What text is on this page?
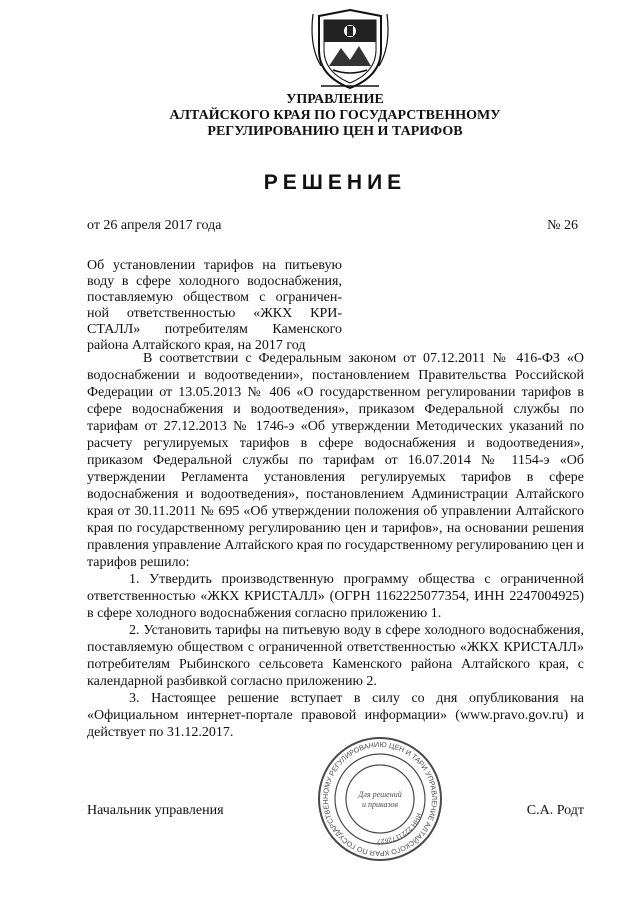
УПРАВЛЕНИЕ
АЛТАЙСКОГО КРАЯ ПО ГОСУДАРСТВЕННОМУ
РЕГУЛИРОВАНИЮ ЦЕН И ТАРИФОВ
РЕШЕНИЕ
от 26 апреля 2017 года	№ 26
Об установлении тарифов на питьевую
воду в сфере холодного водоснабжения,
поставляемую обществом с ограничен-
ной ответственностью «ЖКХ КРИ-
СТАЛЛ» потребителям Каменского
района Алтайского края, на 2017 год

В соответствии с Федеральным законом от 07.12.2011 № 416-ФЗ «О водоснабжении и водоотведении», постановлением Правительства Российской Федерации от 13.05.2013 № 406 «О государственном регулировании тарифов в сфере водоснабжения и водоотведения», приказом Федеральной службы по тарифам от 27.12.2013 № 1746-э «Об утверждении Методических указаний по расчету регулируемых тарифов в сфере водоснабжения и водоотведения», приказом Федеральной службы по тарифам от 16.07.2014 № 1154-э «Об утверждении Регламента установления регулируемых тарифов в сфере водоснабжения и водоотведения», постановлением Администрации Алтайского края от 30.11.2011 № 695 «Об утверждении положения об управлении Алтайского края по государственному регулированию цен и тарифов», на основании решения правления управление Алтайского края по государственному регулированию цен и тарифов решило:

1. Утвердить производственную программу общества с ограниченной ответственностью «ЖКХ КРИСТАЛЛ» (ОГРН 1162225077354, ИНН 2247004925) в сфере холодного водоснабжения согласно приложению 1.

2. Установить тарифы на питьевую воду в сфере холодного водоснабжения, поставляемую обществом с ограниченной ответственностью «ЖКХ КРИСТАЛЛ» потребителям Рыбинского сельсовета Каменского района Алтайского края, с календарной разбивкой согласно приложению 2.

3. Настоящее решение вступает в силу со дня опубликования на «Официальном интернет-портале правовой информации» (www.pravo.gov.ru) и действует по 31.12.2017.

Начальник управления	С.А. Родт
УПРАВЛЕНИЕ АЛТАЙСКОГО КРАЯ ПО ГОСУДАРСТВЕННОМУ РЕГУЛИРОВАНИЮ ЦЕН И ТАРИФОВ
ИНН 2221172627
Для решений
и приказов
